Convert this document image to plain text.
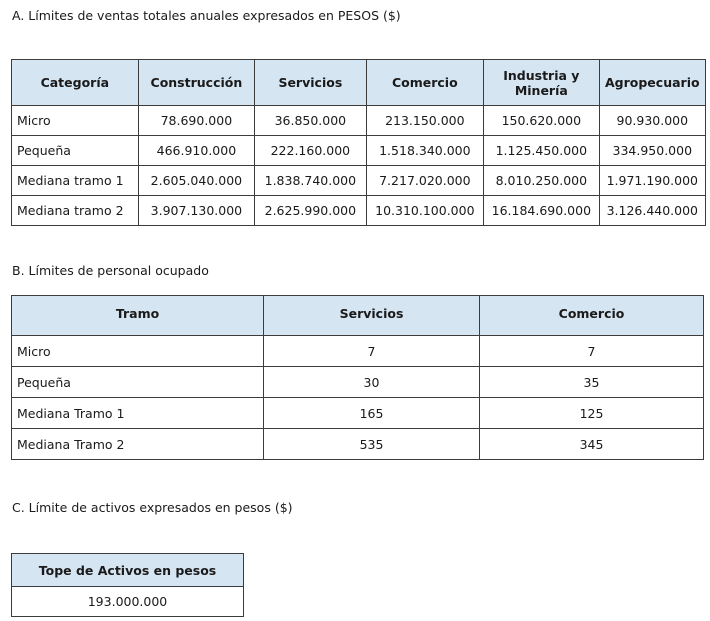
A. Límites de ventas totales anuales expresados en PESOS ($)
Categoría	Construcción	Servicios	Comercio	Industria y Minería	Agropecuario
Micro	78.690.000	36.850.000	213.150.000	150.620.000	90.930.000
Pequeña	466.910.000	222.160.000	1.518.340.000	1.125.450.000	334.950.000
Mediana tramo 1	2.605.040.000	1.838.740.000	7.217.020.000	8.010.250.000	1.971.190.000
Mediana tramo 2	3.907.130.000	2.625.990.000	10.310.100.000	16.184.690.000	3.126.440.000
B. Límites de personal ocupado
Tramo	Servicios	Comercio
Micro	7	7
Pequeña	30	35
Mediana Tramo 1	165	125
Mediana Tramo 2	535	345
C. Límite de activos expresados en pesos ($)
Tope de Activos en pesos
193.000.000
